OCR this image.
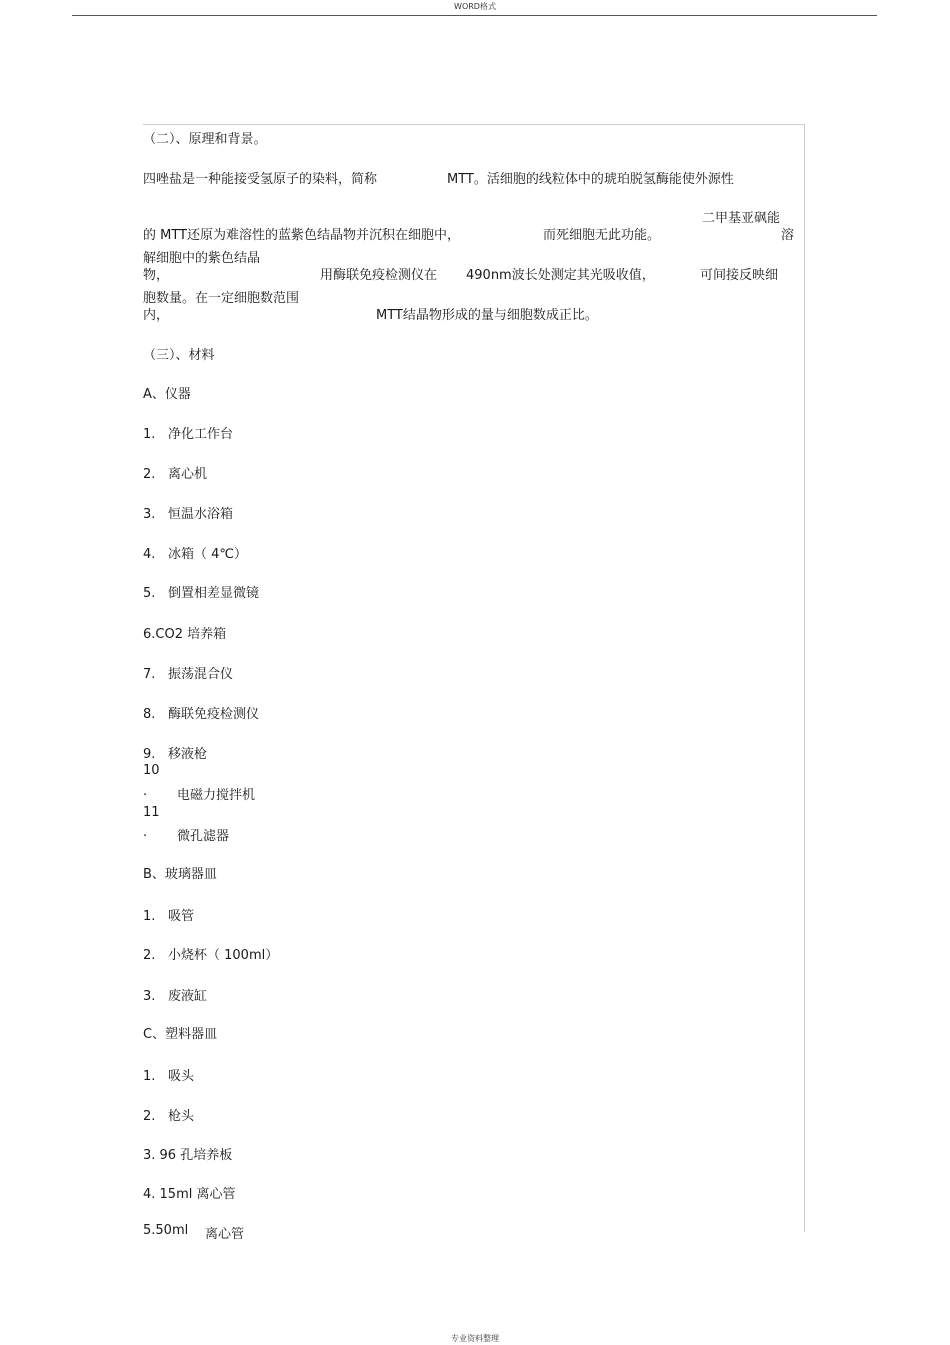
WORD格式
（二）、原理和背景。
四唑盐是一种能接受氢原子的染料，简称	MTT。活细胞的线粒体中的琥珀脱氢酶能使外源性
二甲基亚砜能
的 MTT还原为难溶性的蓝紫色结晶物并沉积在细胞中，	而死细胞无此功能。	溶
解细胞中的紫色结晶
物，	用酶联免疫检测仪在 490nm波长处测定其光吸收值，	可间接反映细
胞数量。在一定细胞数范围
内，	MTT结晶物形成的量与细胞数成正比。
（三）、材料
A、仪器
1. 净化工作台
2. 离心机
3. 恒温水浴箱
4. 冰箱（ 4℃）
5. 倒置相差显微镜
6.CO2 培养箱
7. 振荡混合仪
8. 酶联免疫检测仪
9. 移液枪
10
. 电磁力搅拌机
11
. 微孔滤器
B、玻璃器皿
1. 吸管
2. 小烧杯（ 100ml）
3. 废液缸
C、塑料器皿
1. 吸头
2. 枪头
3. 96 孔培养板
4. 15ml 离心管
5.50ml 离心管
专业资料整理
